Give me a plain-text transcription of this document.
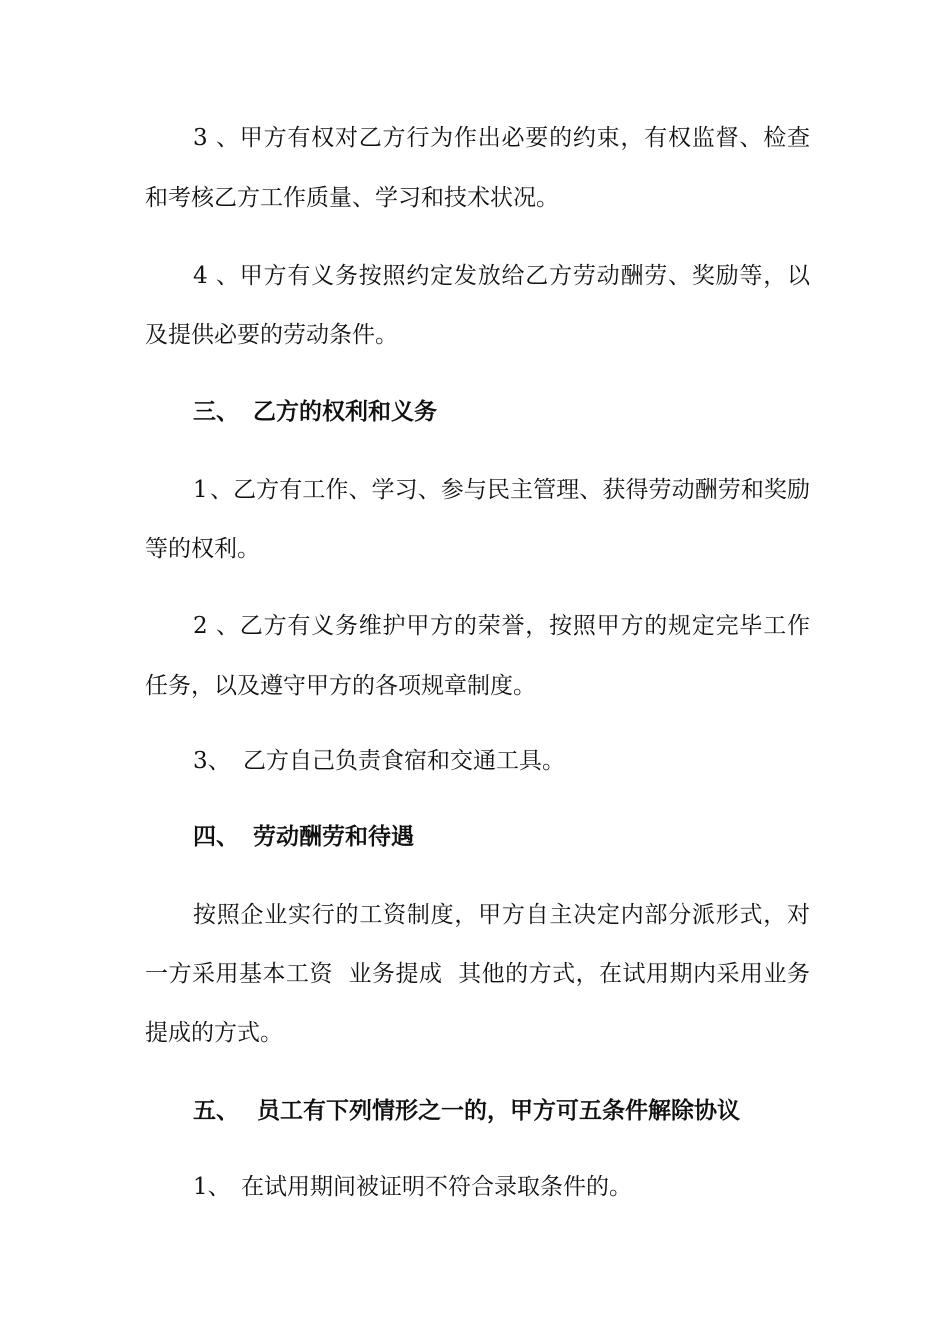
3、甲方有权对乙方行为作出必要的约束，有权监督、检查
和考核乙方工作质量、学习和技术状况。
4、甲方有义务按照约定发放给乙方劳动酬劳、奖励等，以
及提供必要的劳动条件。
三、 乙方的权利和义务
1、乙方有工作、学习、参与民主管理、获得劳动酬劳和奖励
等的权利。
2、乙方有义务维护甲方的荣誉，按照甲方的规定完毕工作
任务，以及遵守甲方的各项规章制度。
3、 乙方自己负责食宿和交通工具。
四、 劳动酬劳和待遇
按照企业实行的工资制度，甲方自主决定内部分派形式，对
一方采用基本工资  业务提成  其他的方式，在试用期内采用业务
提成的方式。
五、 员工有下列情形之一的，甲方可五条件解除协议
1、 在试用期间被证明不符合录取条件的。
